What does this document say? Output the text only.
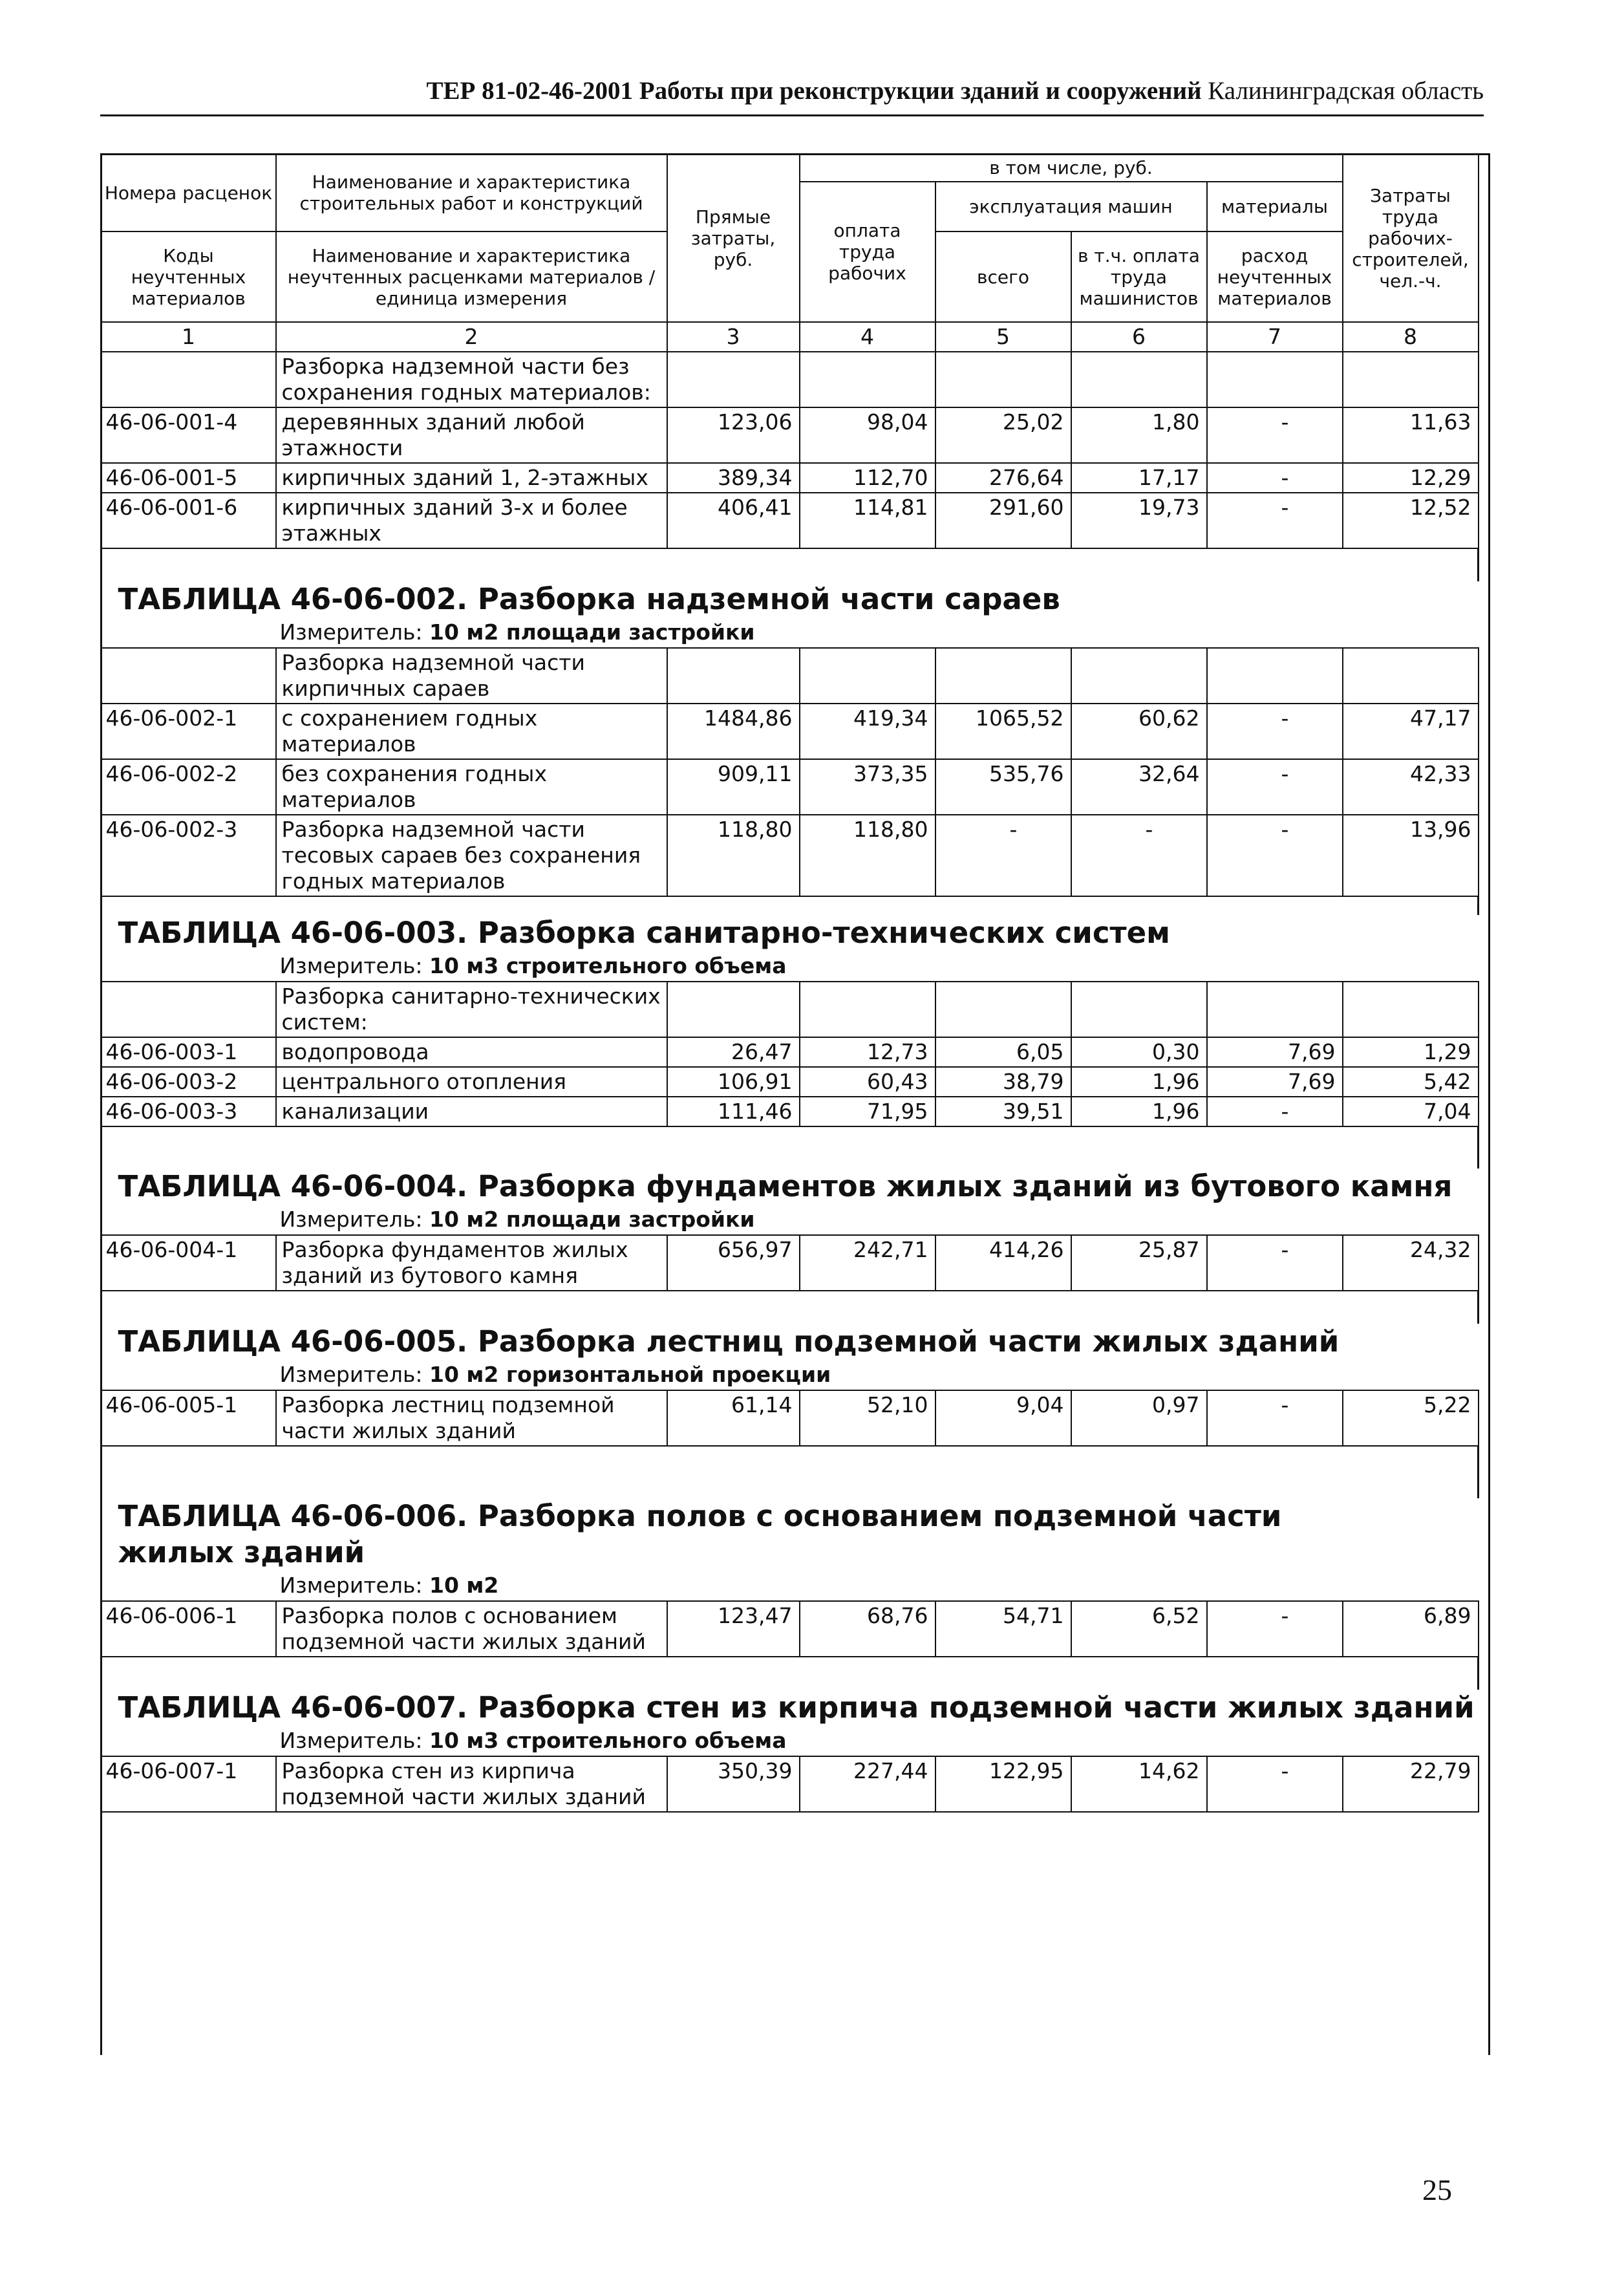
ТЕР 81-02-46-2001 Работы при реконструкции зданий и сооружений Калининградская область
Номера расценок	Наименование и характеристика строительных работ и конструкций	Прямые затраты, руб.	в том числе, руб.				Затраты труда рабочих-строителей, чел.-ч.
			оплата труда рабочих	эксплуатация машин		материалы	
Коды неучтенных материалов	Наименование и характеристика неучтенных расценками материалов / единица измерения			всего	в т.ч. оплата труда машинистов	расход неучтенных материалов	

1	2	3	4	5	6	7	8
	Разборка надземной части без сохранения годных материалов:						
46-06-001-4	деревянных зданий любой этажности	123,06	98,04	25,02	1,80	-	11,63
46-06-001-5	кирпичных зданий 1, 2-этажных	389,34	112,70	276,64	17,17	-	12,29
46-06-001-6	кирпичных зданий 3-х и более этажных	406,41	114,81	291,60	19,73	-	12,52

ТАБЛИЦА 46-06-002. Разборка надземной части сараев							
	Измеритель: 10 м2 площади застройки						
	Разборка надземной части кирпичных сараев						
46-06-002-1	с сохранением годных материалов	1484,86	419,34	1065,52	60,62	-	47,17
46-06-002-2	без сохранения годных материалов	909,11	373,35	535,76	32,64	-	42,33
46-06-002-3	Разборка надземной части тесовых сараев без сохранения годных материалов	118,80	118,80	-	-	-	13,96

ТАБЛИЦА 46-06-003. Разборка санитарно-технических систем							
	Измеритель: 10 м3 строительного объема						
	Разборка санитарно-технических систем:						
46-06-003-1	водопровода	26,47	12,73	6,05	0,30	7,69	1,29
46-06-003-2	центрального отопления	106,91	60,43	38,79	1,96	7,69	5,42
46-06-003-3	канализации	111,46	71,95	39,51	1,96	-	7,04

ТАБЛИЦА 46-06-004. Разборка фундаментов жилых зданий из бутового камня							
	Измеритель: 10 м2 площади застройки						
46-06-004-1	Разборка фундаментов жилых зданий из бутового камня	656,97	242,71	414,26	25,87	-	24,32

ТАБЛИЦА 46-06-005. Разборка лестниц подземной части жилых зданий							
	Измеритель: 10 м2 горизонтальной проекции						
46-06-005-1	Разборка лестниц подземной части жилых зданий	61,14	52,10	9,04	0,97	-	5,22

ТАБЛИЦА 46-06-006. Разборка полов с основанием подземной части жилых зданий							
	Измеритель: 10 м2						
46-06-006-1	Разборка полов с основанием подземной части жилых зданий	123,47	68,76	54,71	6,52	-	6,89

ТАБЛИЦА 46-06-007. Разборка стен из кирпича подземной части жилых зданий							
	Измеритель: 10 м3 строительного объема						
46-06-007-1	Разборка стен из кирпича подземной части жилых зданий	350,39	227,44	122,95	14,62	-	22,79
25
